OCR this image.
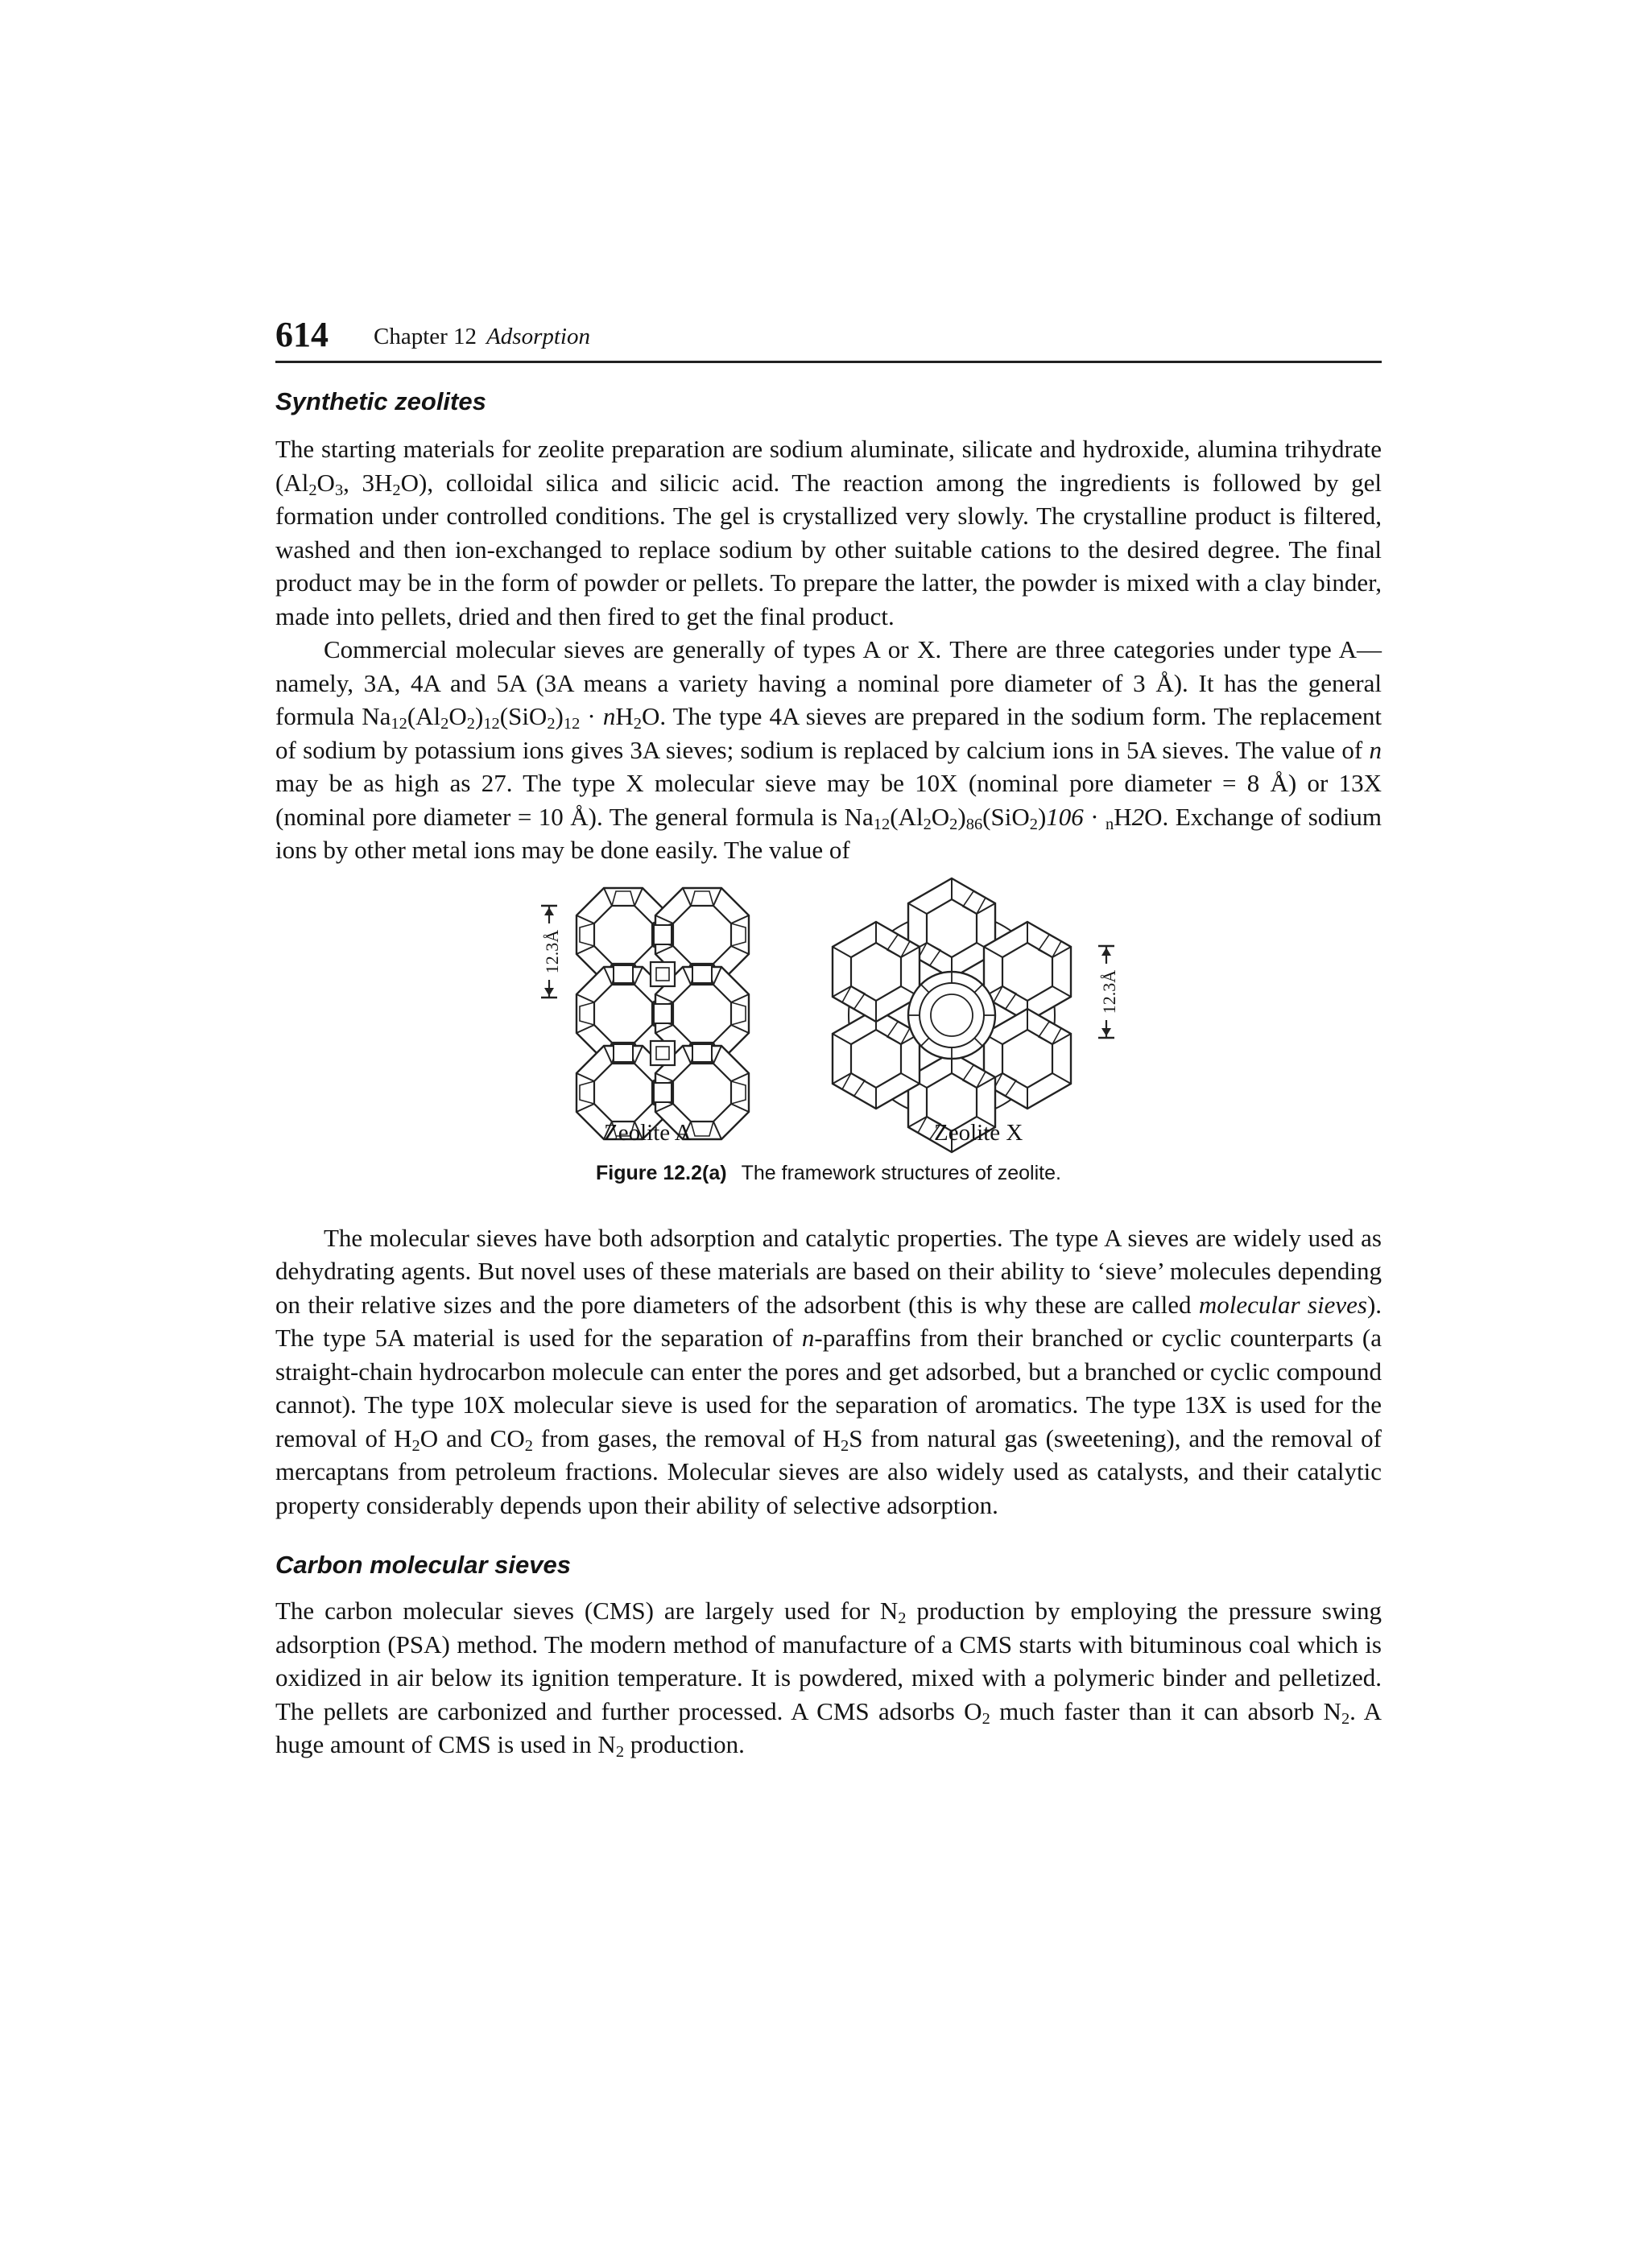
614 Chapter 12 Adsorption
Synthetic zeolites

The starting materials for zeolite preparation are sodium aluminate, silicate and hydroxide, alumina trihydrate ($Al_2O_3$, $3H_2O$), colloidal silica and silicic acid. The reaction among the ingredients is followed by gel formation under controlled conditions. The gel is crystallized very slowly. The crystalline product is filtered, washed and then ion-exchanged to replace sodium by other suitable cations to the desired degree. The final product may be in the form of powder or pellets. To prepare the latter, the powder is mixed with a clay binder, made into pellets, dried and then fired to get the final product.

Commercial molecular sieves are generally of types A or X. There are three categories under type A—namely, 3A, 4A and 5A (3A means a variety having a nominal pore diameter of 3 Å). It has the general formula $Na_{12}(Al_2O_2)_{12}(SiO_2)_{12} \cdot nH_2O$. The type 4A sieves are prepared in the sodium form. The replacement of sodium by potassium ions gives 3A sieves; sodium is replaced by calcium ions in 5A sieves. The value of n may be as high as 27. The type X molecular sieve may be 10X (nominal pore diameter = 8 Å) or 13X (nominal pore diameter = 10 Å). The general formula is $Na_{12}(Al_2O_2)_{86}(SiO_2)106 \cdot _nH2O$. Exchange of sodium ions by other metal ions may be done easily. The value of

12.3Å
12.3Å
Zeolite A	Zeolite X
Figure 12.2(a) The framework structures of zeolite.

The molecular sieves have both adsorption and catalytic properties. The type A sieves are widely used as dehydrating agents. But novel uses of these materials are based on their ability to ‘sieve’ molecules depending on their relative sizes and the pore diameters of the adsorbent (this is why these are called molecular sieves). The type 5A material is used for the separation of n-paraffins from their branched or cyclic counterparts (a straight-chain hydrocarbon molecule can enter the pores and get adsorbed, but a branched or cyclic compound cannot). The type 10X molecular sieve is used for the separation of aromatics. The type 13X is used for the removal of $H_2O$ and $CO_2$ from gases, the removal of $H_2S$ from natural gas (sweetening), and the removal of mercaptans from petroleum fractions. Molecular sieves are also widely used as catalysts, and their catalytic property considerably depends upon their ability of selective adsorption.

Carbon molecular sieves

The carbon molecular sieves (CMS) are largely used for $N_2$ production by employing the pressure swing adsorption (PSA) method. The modern method of manufacture of a CMS starts with bituminous coal which is oxidized in air below its ignition temperature. It is powdered, mixed with a polymeric binder and pelletized. The pellets are carbonized and further processed. A CMS adsorbs $O_2$ much faster than it can absorb $N_2$. A huge amount of CMS is used in $N_2$ production.
